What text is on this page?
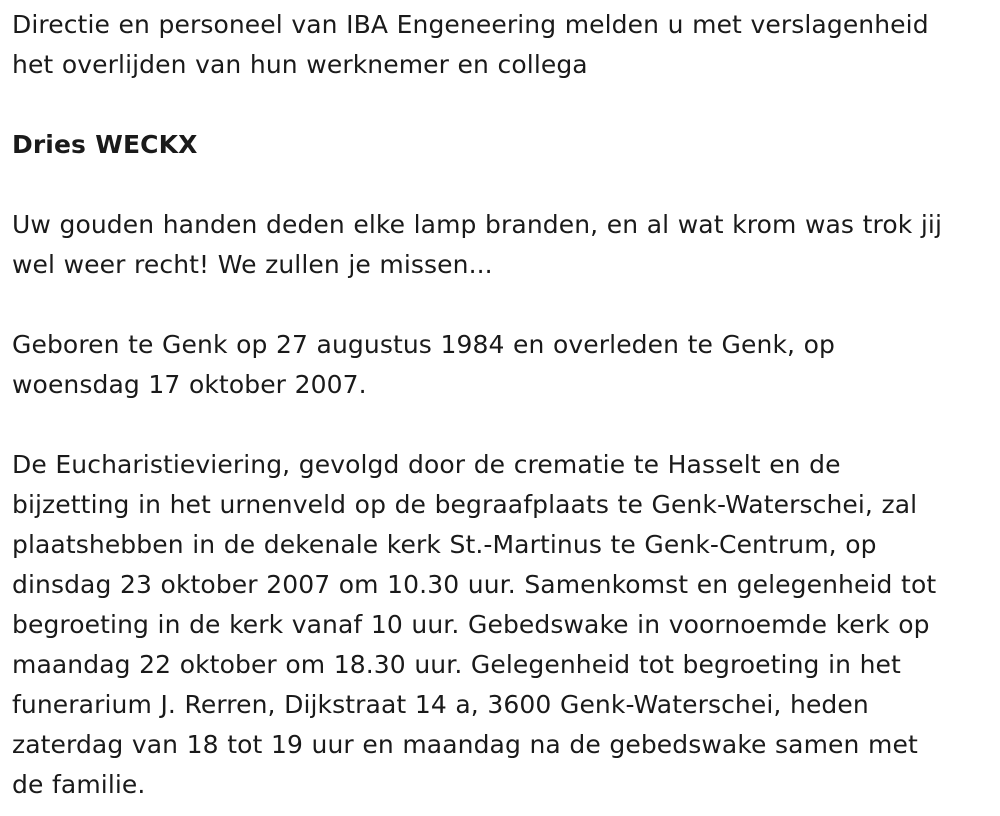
Directie en personeel van IBA Engeneering melden u met verslagenheid
het overlijden van hun werknemer en collega
Dries WECKX
Uw gouden handen deden elke lamp branden, en al wat krom was trok jij
wel weer recht! We zullen je missen...
Geboren te Genk op 27 augustus 1984 en overleden te Genk, op
woensdag 17 oktober 2007.
De Eucharistieviering, gevolgd door de crematie te Hasselt en de
bijzetting in het urnenveld op de begraafplaats te Genk-Waterschei, zal
plaatshebben in de dekenale kerk St.-Martinus te Genk-Centrum, op
dinsdag 23 oktober 2007 om 10.30 uur. Samenkomst en gelegenheid tot
begroeting in de kerk vanaf 10 uur. Gebedswake in voornoemde kerk op
maandag 22 oktober om 18.30 uur. Gelegenheid tot begroeting in het
funerarium J. Rerren, Dijkstraat 14 a, 3600 Genk-Waterschei, heden
zaterdag van 18 tot 19 uur en maandag na de gebedswake samen met
de familie.
